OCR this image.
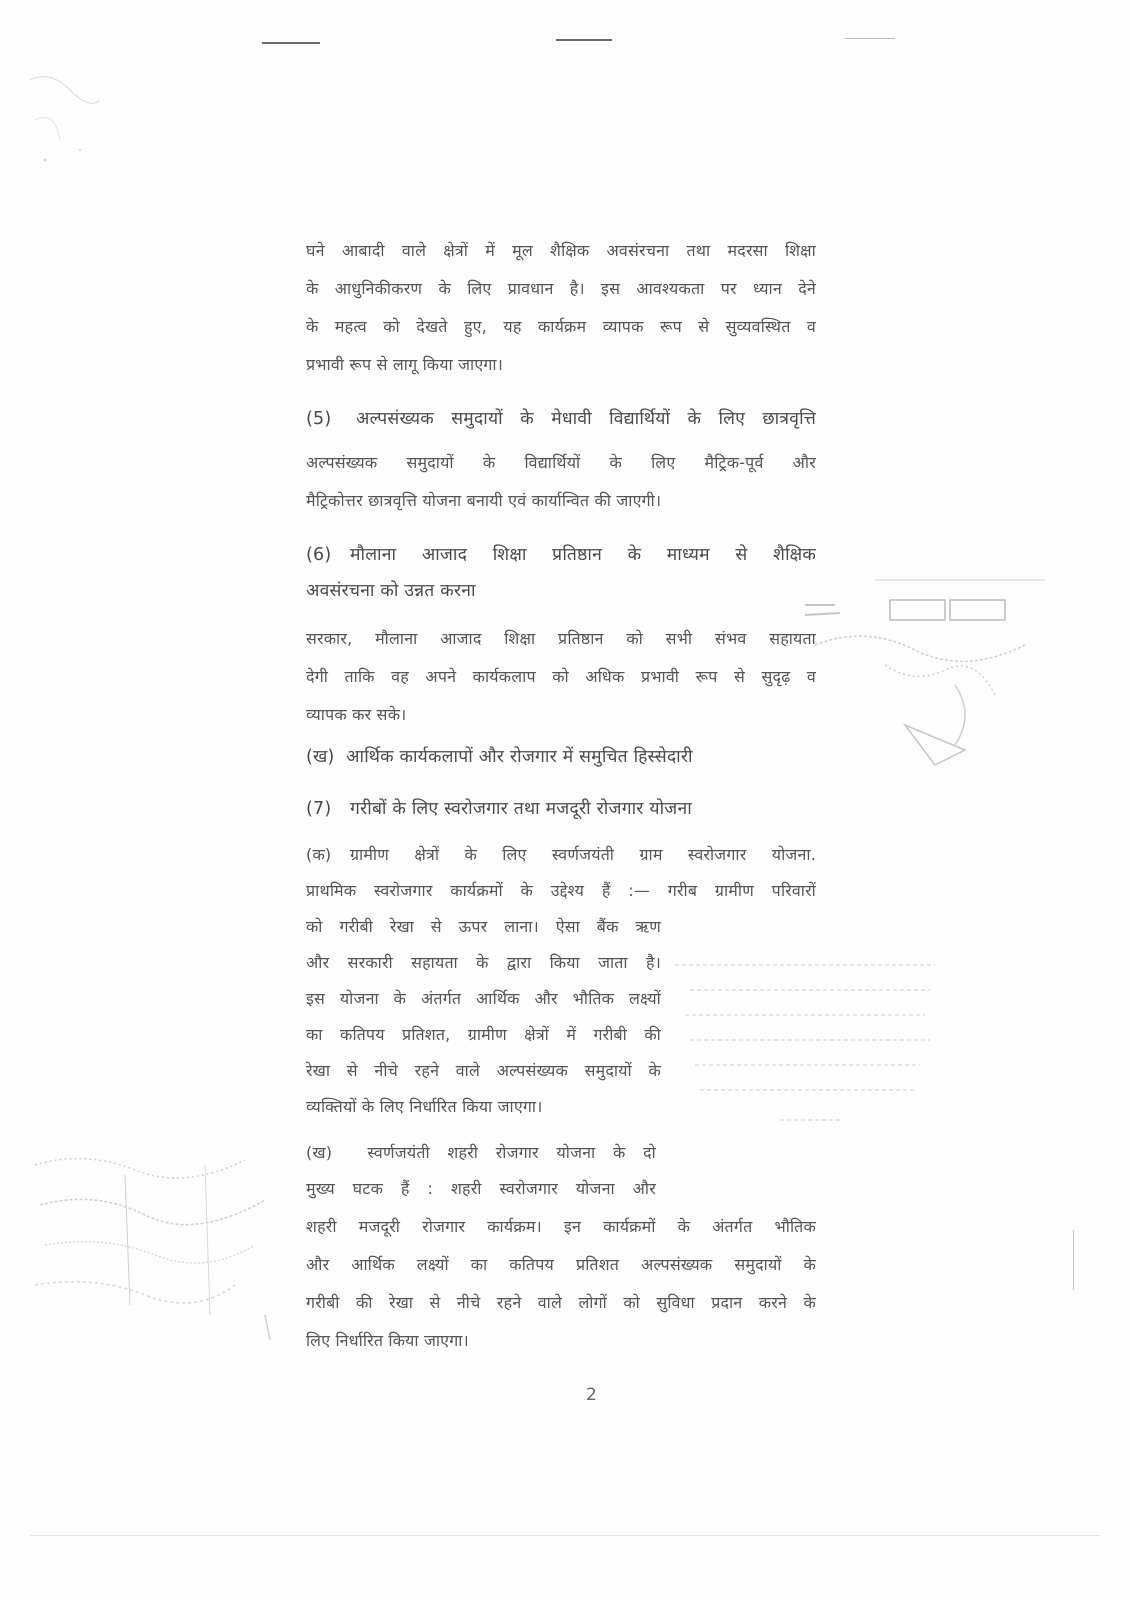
घने आबादी वाले क्षेत्रों में मूल शैक्षिक अवसंरचना तथा मदरसा शिक्षा
के आधुनिकीकरण के लिए प्रावधान है। इस आवश्यकता पर ध्यान देने
के महत्व को देखते हुए, यह कार्यक्रम व्यापक रूप से सुव्यवस्थित व
प्रभावी रूप से लागू किया जाएगा।
(5) अल्पसंख्यक समुदायों के मेधावी विद्यार्थियों के लिए छात्रवृत्ति
अल्पसंख्यक समुदायों के विद्यार्थियों के लिए मैट्रिक-पूर्व और
मैट्रिकोत्तर छात्रवृत्ति योजना बनायी एवं कार्यान्वित की जाएगी।
(6) मौलाना आजाद शिक्षा प्रतिष्ठान के माध्यम से शैक्षिक
अवसंरचना को उन्नत करना
सरकार, मौलाना आजाद शिक्षा प्रतिष्ठान को सभी संभव सहायता
देगी ताकि वह अपने कार्यकलाप को अधिक प्रभावी रूप से सुदृढ़ व
व्यापक कर सके।
(ख) आर्थिक कार्यकलापों और रोजगार में समुचित हिस्सेदारी
(7) गरीबों के लिए स्वरोजगार तथा मजदूरी रोजगार योजना
(क) ग्रामीण क्षेत्रों के लिए स्वर्णजयंती ग्राम स्वरोजगार योजना.
प्राथमिक स्वरोजगार कार्यक्रमों के उद्देश्य हैं :— गरीब ग्रामीण परिवारों
को गरीबी रेखा से ऊपर लाना। ऐसा बैंक ऋण
और सरकारी सहायता के द्वारा किया जाता है।
इस योजना के अंतर्गत आर्थिक और भौतिक लक्ष्यों
का कतिपय प्रतिशत, ग्रामीण क्षेत्रों में गरीबी की
रेखा से नीचे रहने वाले अल्पसंख्यक समुदायों के
व्यक्तियों के लिए निर्धारित किया जाएगा।
(ख) स्वर्णजयंती शहरी रोजगार योजना के दो
मुख्य घटक हैं : शहरी स्वरोजगार योजना और
शहरी मजदूरी रोजगार कार्यक्रम। इन कार्यक्रमों के अंतर्गत भौतिक
और आर्थिक लक्ष्यों का कतिपय प्रतिशत अल्पसंख्यक समुदायों के
गरीबी की रेखा से नीचे रहने वाले लोगों को सुविधा प्रदान करने के
लिए निर्धारित किया जाएगा।
2
